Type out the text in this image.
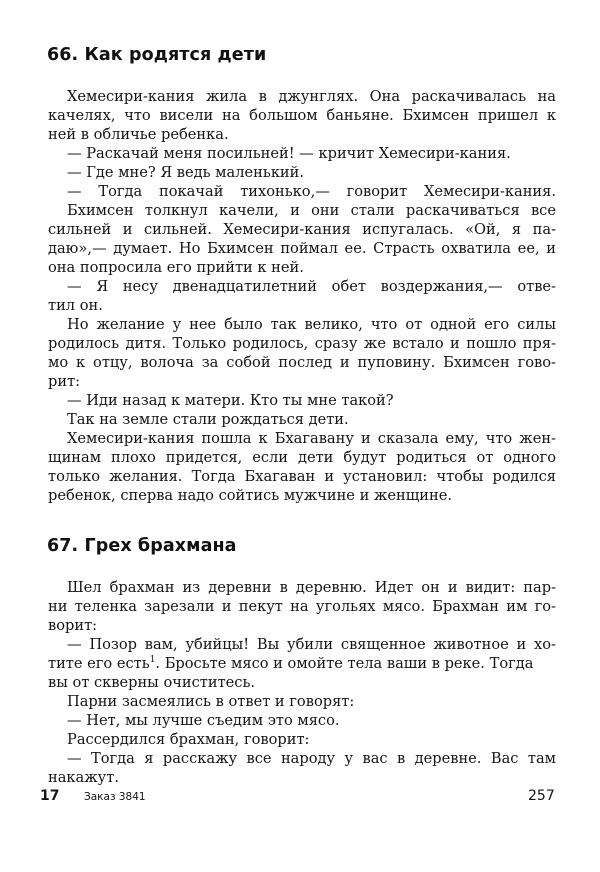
66. Как родятся дети
Хемесири-кания жила в джунглях. Она раскачивалась на
качелях, что висели на большом баньяне. Бхимсен пришел к
ней в обличье ребенка.
— Раскачай меня посильней! — кричит Хемесири-кания.
— Где мне? Я ведь маленький.
— Тогда покачай тихонько,— говорит Хемесири-кания.
Бхимсен толкнул качели, и они стали раскачиваться все
сильней и сильней. Хемесири-кания испугалась. «Ой, я па-
даю»,— думает. Но Бхимсен поймал ее. Страсть охватила ее, и
она попросила его прийти к ней.
— Я несу двенадцатилетний обет воздержания,— отве-
тил он.
Но желание у нее было так велико, что от одной его силы
родилось дитя. Только родилось, сразу же встало и пошло пря-
мо к отцу, волоча за собой послед и пуповину. Бхимсен гово-
рит:
— Иди назад к матери. Кто ты мне такой?
Так на земле стали рождаться дети.
Хемесири-кания пошла к Бхагавану и сказала ему, что жен-
щинам плохо придется, если дети будут родиться от одного
только желания. Тогда Бхагаван и установил: чтобы родился
ребенок, сперва надо сойтись мужчине и женщине.
67. Грех брахмана
Шел брахман из деревни в деревню. Идет он и видит: пар-
ни теленка зарезали и пекут на угольях мясо. Брахман им го-
ворит:
— Позор вам, убийцы! Вы убили священное животное и хо-
тите его есть$^1$. Бросьте мясо и омойте тела ваши в реке. Тогда
вы от скверны очиститесь.
Парни засмеялись в ответ и говорят:
— Нет, мы лучше съедим это мясо.
Рассердился брахман, говорит:
— Тогда я расскажу все народу у вас в деревне. Вас там
накажут.
17 Заказ 3841	257
